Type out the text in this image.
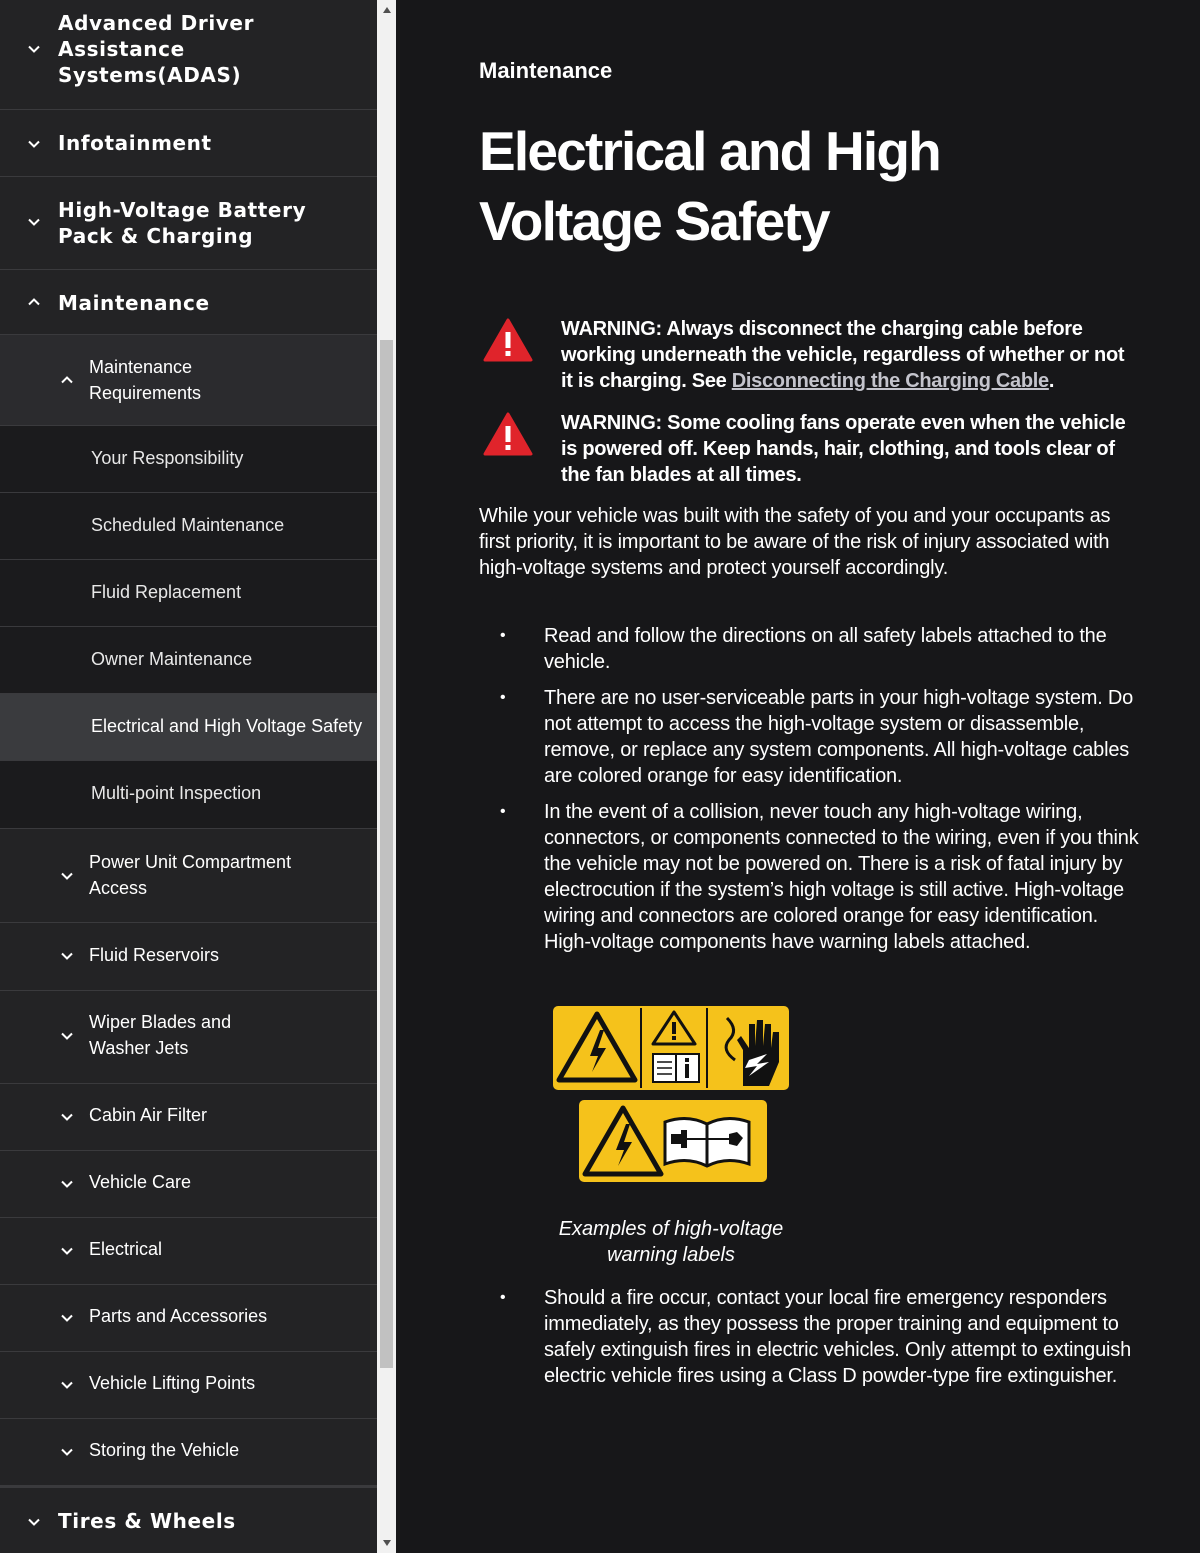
Advanced Driver
Assistance
Systems(ADAS)
Infotainment
High-Voltage Battery
Pack & Charging
Maintenance
Maintenance
Requirements
Your Responsibility
Scheduled Maintenance
Fluid Replacement
Owner Maintenance
Electrical and High Voltage Safety
Multi-point Inspection
Power Unit Compartment
Access
Fluid Reservoirs
Wiper Blades and
Washer Jets
Cabin Air Filter
Vehicle Care
Electrical
Parts and Accessories
Vehicle Lifting Points
Storing the Vehicle
Tires & Wheels
Maintenance
Electrical and High Voltage Safety
WARNING: Always disconnect the charging cable before working underneath the vehicle, regardless of whether or not it is charging. See Disconnecting the Charging Cable.
WARNING: Some cooling fans operate even when the vehicle is powered off. Keep hands, hair, clothing, and tools clear of the fan blades at all times.
While your vehicle was built with the safety of you and your occupants as first priority, it is important to be aware of the risk of injury associated with high-voltage systems and protect yourself accordingly.
• Read and follow the directions on all safety labels attached to the vehicle.
• There are no user-serviceable parts in your high-voltage system. Do not attempt to access the high-voltage system or disassemble, remove, or replace any system components. All high-voltage cables are colored orange for easy identification.
• In the event of a collision, never touch any high-voltage wiring, connectors, or components connected to the wiring, even if you think the vehicle may not be powered on. There is a risk of fatal injury by electrocution if the system’s high voltage is still active. High-voltage wiring and connectors are colored orange for easy identification. High-voltage components have warning labels attached.
Examples of high-voltage warning labels
• Should a fire occur, contact your local fire emergency responders immediately, as they possess the proper training and equipment to safely extinguish fires in electric vehicles. Only attempt to extinguish electric vehicle fires using a Class D powder-type fire extinguisher.
